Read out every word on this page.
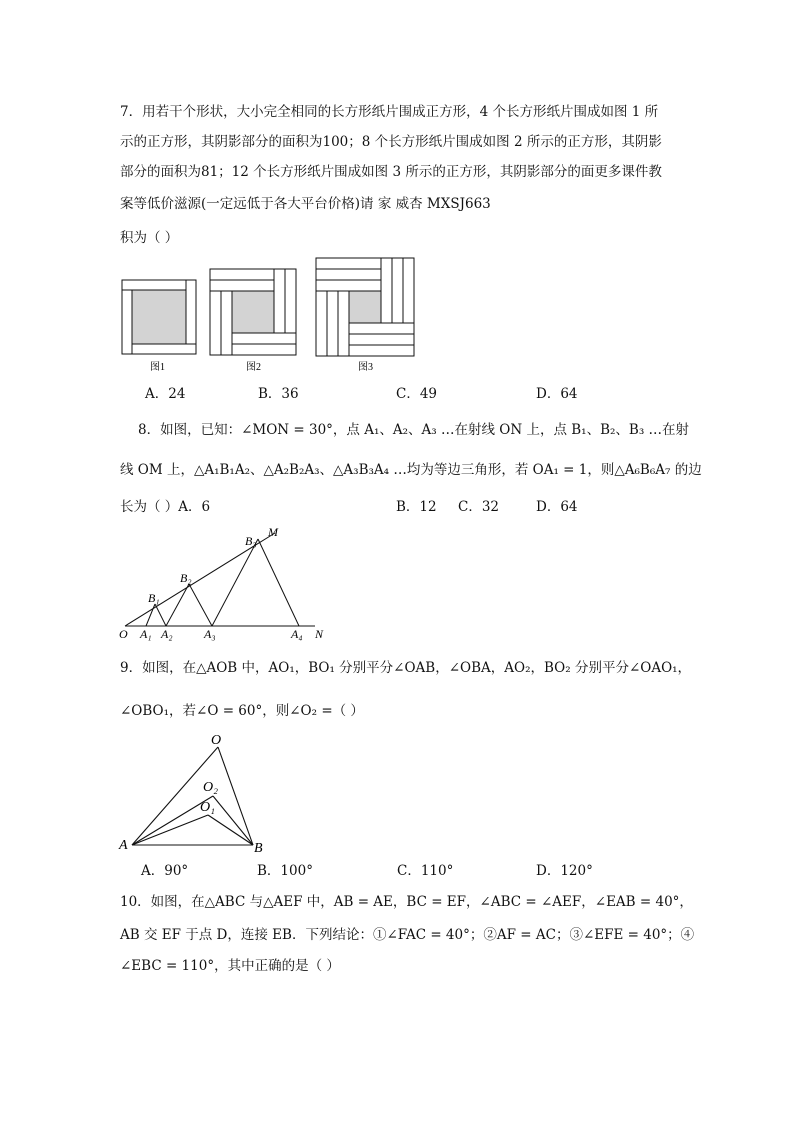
7．用若干个形状，大小完全相同的长方形纸片围成正方形，4 个长方形纸片围成如图 1 所
示的正方形，其阴影部分的面积为100；8 个长方形纸片围成如图 2 所示的正方形，其阴影
部分的面积为81；12 个长方形纸片围成如图 3 所示的正方形，其阴影部分的面更多课件教
案等低价滋源(一定远低于各大平台价格)请 家 威杏 MXSJ663
积为（ ）
图1	图2	图3
A．24	B．36	C．49	D．64
8．如图，已知：∠MON = 30°，点 A₁、A₂、A₃ …在射线 ON 上，点 B₁、B₂、B₃ …在射
线 OM 上，△A₁B₁A₂、△A₂B₂A₃、△A₃B₃A₄ …均为等边三角形，若 OA₁ = 1，则△A₆B₆A₇ 的边
长为（ ）A．6	B．12 C．32	D．64
O A₁ A₂	A₃	A₄ N
B₁
B₂
B₃
M
9．如图，在△AOB 中，AO₁，BO₁ 分别平分∠OAB，∠OBA，AO₂，BO₂ 分别平分∠OAO₁，
∠OBO₁，若∠O = 60°，则∠O₂ =（ ）
O
O₂
O₁
A	B
A．90°	B．100°	C．110°	D．120°
10．如图，在△ABC 与△AEF 中，AB = AE，BC = EF，∠ABC = ∠AEF，∠EAB = 40°，
AB 交 EF 于点 D，连接 EB．下列结论：①∠FAC = 40°；②AF = AC；③∠EFE = 40°；④
∠EBC = 110°，其中正确的是（ ）
